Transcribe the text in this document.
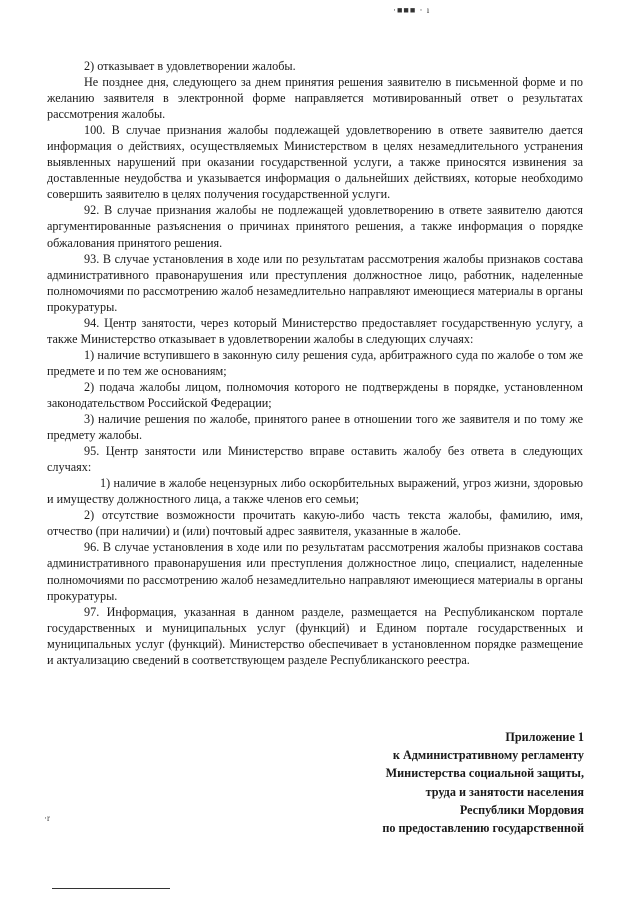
·■■■ · ı

2) отказывает в удовлетворении жалобы.

Не позднее дня, следующего за днем принятия решения заявителю в письменной форме и по желанию заявителя в электронной форме направляется мотивированный ответ о результатах рассмотрения жалобы.

100. В случае признания жалобы подлежащей удовлетворению в ответе заявителю дается информация о действиях, осуществляемых Министерством в целях незамедлительного устранения выявленных нарушений при оказании государственной услуги, а также приносятся извинения за доставленные неудобства и указывается информация о дальнейших действиях, которые необходимо совершить заявителю в целях получения государственной услуги.

92. В случае признания жалобы не подлежащей удовлетворению в ответе заявителю даются аргументированные разъяснения о причинах принятого решения, а также информация о порядке обжалования принятого решения.

93. В случае установления в ходе или по результатам рассмотрения жалобы признаков состава административного правонарушения или преступления должностное лицо, работник, наделенные полномочиями по рассмотрению жалоб незамедлительно направляют имеющиеся материалы в органы прокуратуры.

94. Центр занятости, через который Министерство предоставляет государственную услугу, а также Министерство отказывает в удовлетворении жалобы в следующих случаях:

1) наличие вступившего в законную силу решения суда, арбитражного суда по жалобе о том же предмете и по тем же основаниям;

2) подача жалобы лицом, полномочия которого не подтверждены в порядке, установленном законодательством Российской Федерации;

3) наличие решения по жалобе, принятого ранее в отношении того же заявителя и по тому же предмету жалобы.

95. Центр занятости или Министерство вправе оставить жалобу без ответа в следующих случаях:

1) наличие в жалобе нецензурных либо оскорбительных выражений, угроз жизни, здоровью и имуществу должностного лица, а также членов его семьи;

2) отсутствие возможности прочитать какую-либо часть текста жалобы, фамилию, имя, отчество (при наличии) и (или) почтовый адрес заявителя, указанные в жалобе.

96. В случае установления в ходе или по результатам рассмотрения жалобы признаков состава административного правонарушения или преступления должностное лицо, специалист, наделенные полномочиями по рассмотрению жалоб незамедлительно направляют имеющиеся материалы в органы прокуратуры.

97. Информация, указанная в данном разделе, размещается на Республиканском портале государственных и муниципальных услуг (функций) и Едином портале государственных и муниципальных услуг (функций). Министерство обеспечивает в установленном порядке размещение и актуализацию сведений в соответствующем разделе Республиканского реестра.

Приложение 1
к Административному регламенту
Министерства социальной защиты,
труда и занятости населения
Республики Мордовия
по предоставлению государственной
·r
